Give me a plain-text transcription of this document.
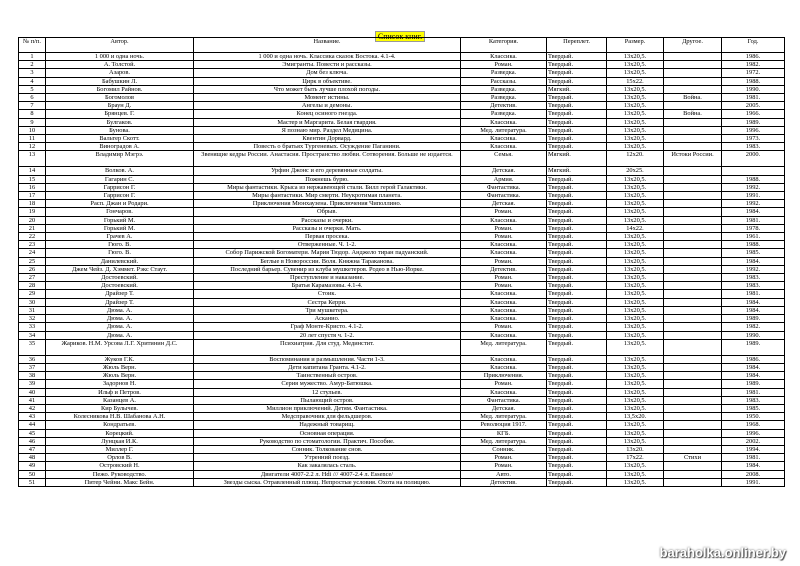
Список книг.
№ п/п.	Автор.	Название.	Категория.	Переплет.	Размер.	Другое.	Год.
1	1 000 и одна ночь.	1 000 и одна ночь. Классика сказок Востока. 4.1-4.	Классика.	Твердый.	13x20,5.		1986.
2	А. Толстой.	Эмигранты. Повести и рассказы.	Роман.	Твердый.	13x20,5.		1982.
3	Азаров.	Дом без ключа.	Разведка.	Твердый.	13x20,5.		1972.
4	Бабушкин Л.	Цирк в объективе.	Рассказы.	Твердый.	15x22.		1988.
5	Богомил Райнов.	Что может быть лучше плохой погоды.	Разведка.	Мягкий.	13x20,5.		1990.
6	Богомолов	Момент истины.	Разведка.	Твердый.	13x20,5.	Война.	1981.
7	Браун Д.	Ангелы и демоны.	Детектив.	Твердый.	13x20,5.		2005.
8	Брянцев. Г.	Конец осиного гнезда.	Разведка.	Твердый.	13x20,5.	Война.	1966.
9	Булгаков.	Мастер и Маргарита. Белая гвардия.	Классика.	Твердый.	13x20,5.		1989.
10	Бунова.	Я познаю мир. Раздел Медицина.	Мед. литература.	Твердый.	13x20,5.		1996.
11	Вальтер Скотт.	Квентин Дорвард.	Классика.	Твердый.	13x20,5.		1973.
12	Виноградов А.	Повесть о братьях Тургеневых. Осуждение Паганини.	Классика.	Твердый.	13x20,5.		1983.
13	Владимир Мэгрэ.	Звенящие кедры России. Анастасия. Пространство любви. Сотворения. Больше не издается.	Семья.	Мягкий.	12x20.	Истоки России.	2000.
14	Волков. А.	Урфин Джонс и его деревянные солдаты.	Детская.	Мягкий.	20x25.		
15	Гагарин С.	Пожнешь бурю.	Армия.	Твердый.	13x20,5.		1988.
16	Гаррисон Г.	Миры фантастики. Крыса из нержавеющей стали. Билл герой Галактики.	Фантастика.	Твердый.	13x20,5.		1992.
17	Гаррисон Г.	Миры фантастики. Мир смерти. Неукротимая планета.	Фантастика.	Твердый.	13x20,5.		1991.
18	Расп. Джан и Родари.	Приключения Мюнхаузена. Приключения Чиполлино.	Детская.	Твердый.	13x20,5.		1992.
19	Гончаров.	Обрыв.	Роман.	Твердый.	13x20,5.		1984.
20	Горький М.	Рассказы и очерки.	Классика.	Твердый.	13x20,5.		1981.
21	Горький М.	Рассказы и очерки. Мать.	Роман.	Твердый.	14x22.		1978.
22	Грачев А.	Первая просека.	Роман.	Твердый.	13x20,5.		1961.
23	Гюго. В.	Отверженные. Ч. 1-2.	Классика.	Твердый.	13x20,5.		1988.
24	Гюго. В.	Собор Парижской Богоматери. Мария Тюдор. Анджело тиран падуанский.	Классика.	Твердый.	13x20,5.		1985.
25	Данилевский.	Беглые в Новороссии. Воля. Княжна Тараканова.	Роман.	Твердый.	13x20,5.		1984.
26	Джем Чейз. Д. Хэммет. Рэкс Стаут.	Последний барьер. Сувенир из клуба мушкетеров. Родео в Нью-Йорке.	Детектив.	Твердый.	13x20,5.		1992.
27	Достоевский.	Преступление и наказание.	Роман.	Твердый.	13x20,5.		1983.
28	Достоевский.	Братья Карамазовы. 4.1-4.	Роман.	Твердый.	13x20,5.		1983.
29	Драйзер Т.	Стоик.	Классика.	Твердый.	13x20,5.		1981.
30	Драйзер Т.	Сестра Керри.	Классика.	Твердый.	13x20,5.		1984.
31	Дюма. А.	Три мушкетера.	Классика.	Твердый.	13x20,5.		1984.
32	Дюма. А.	Асканио.	Классика.	Твердый.	13x20,5.		1989.
33	Дюма. А.	Граф Монте-Кристо. 4.1-2.	Роман.	Твердый.	13x20,5.		1982.
34	Дюма. А.	20 лет спустя ч. 1-2.	Классика.	Твердый.	13x20,5.		1990.
35	Жариков. Н.М. Урсова Л.Г. Хритинин Д.С.	Психиатрия. Для студ. Мединстит.	Мед. литература.	Твердый.	13x20,5.		1989.
36	Жуков Г.К.	Воспоминания и размышления. Части 1-3.	Классика.	Твердый.	13x20,5.		1986.
37	Жюль Верн.	Дети капитана Гранта. 4.1-2.	Классика.	Твердый.	13x20,5.		1984.
38	Жюль Верн.	Таинственный остров.	Приключения.	Твердый.	13x20,5.		1984.
39	Задорнов Н.	Серия мужество. Амур-Батюшка.	Роман.	Твердый.	13x20,5.		1989.
40	Ильф и Петров.	12 стульев.	Классика.	Твердый.	13x20,5.		1981.
41	Казанцев А.	Пылающий остров.	Фантастика.	Твердый.	13x20,5.		1983.
42	Кир Булычев.	Миллион приключений. Детям. Фантастика.	Детская.	Твердый.	13x20,5.		1985.
43	Колесникова Н.В. Шабанова А.Н.	Медсправочник для фельдшеров.	Мед. литература.	Твердый.	13,5x20.		1950.
44	Кондратьев.	Надежный товарищ.	Революция 1917.	Твердый.	13x20,5.		1968.
45	Корецкий.	Основная операция.	КГБ.	Твердый.	13x20,5.		1996.
46	Лунцкая И.К.	Руководство по стоматологии. Практич. Пособие.	Мед. литература.	Твердый.	13x20,5.		2002.
47	Миллер Г.	Сонник. Толкование снов.	Сонник.	Твердый.	13x20.		1994.
48	Орлов В.	Утренний поезд.	Роман.	Твердый.	17x22.	Стихи	1981.
49	Островский Н.	Как закалялась сталь.	Роман.	Твердый.	13x20,5.		1984.
50	Пежо. Руководство.	Двигатели 4007-2.2 л. Hdi /// 4007-2.4 л. Essence/	Авто.	Твердый.	13x20,5.		2008.
51	Питер Чейни. Макс Бейн.	Звезды сыска. Отравленный плющ. Непростые условия. Охота на полицию.	Детектив.	Твердый.	13x20,5.		1991.
baraholka.onliner.by
